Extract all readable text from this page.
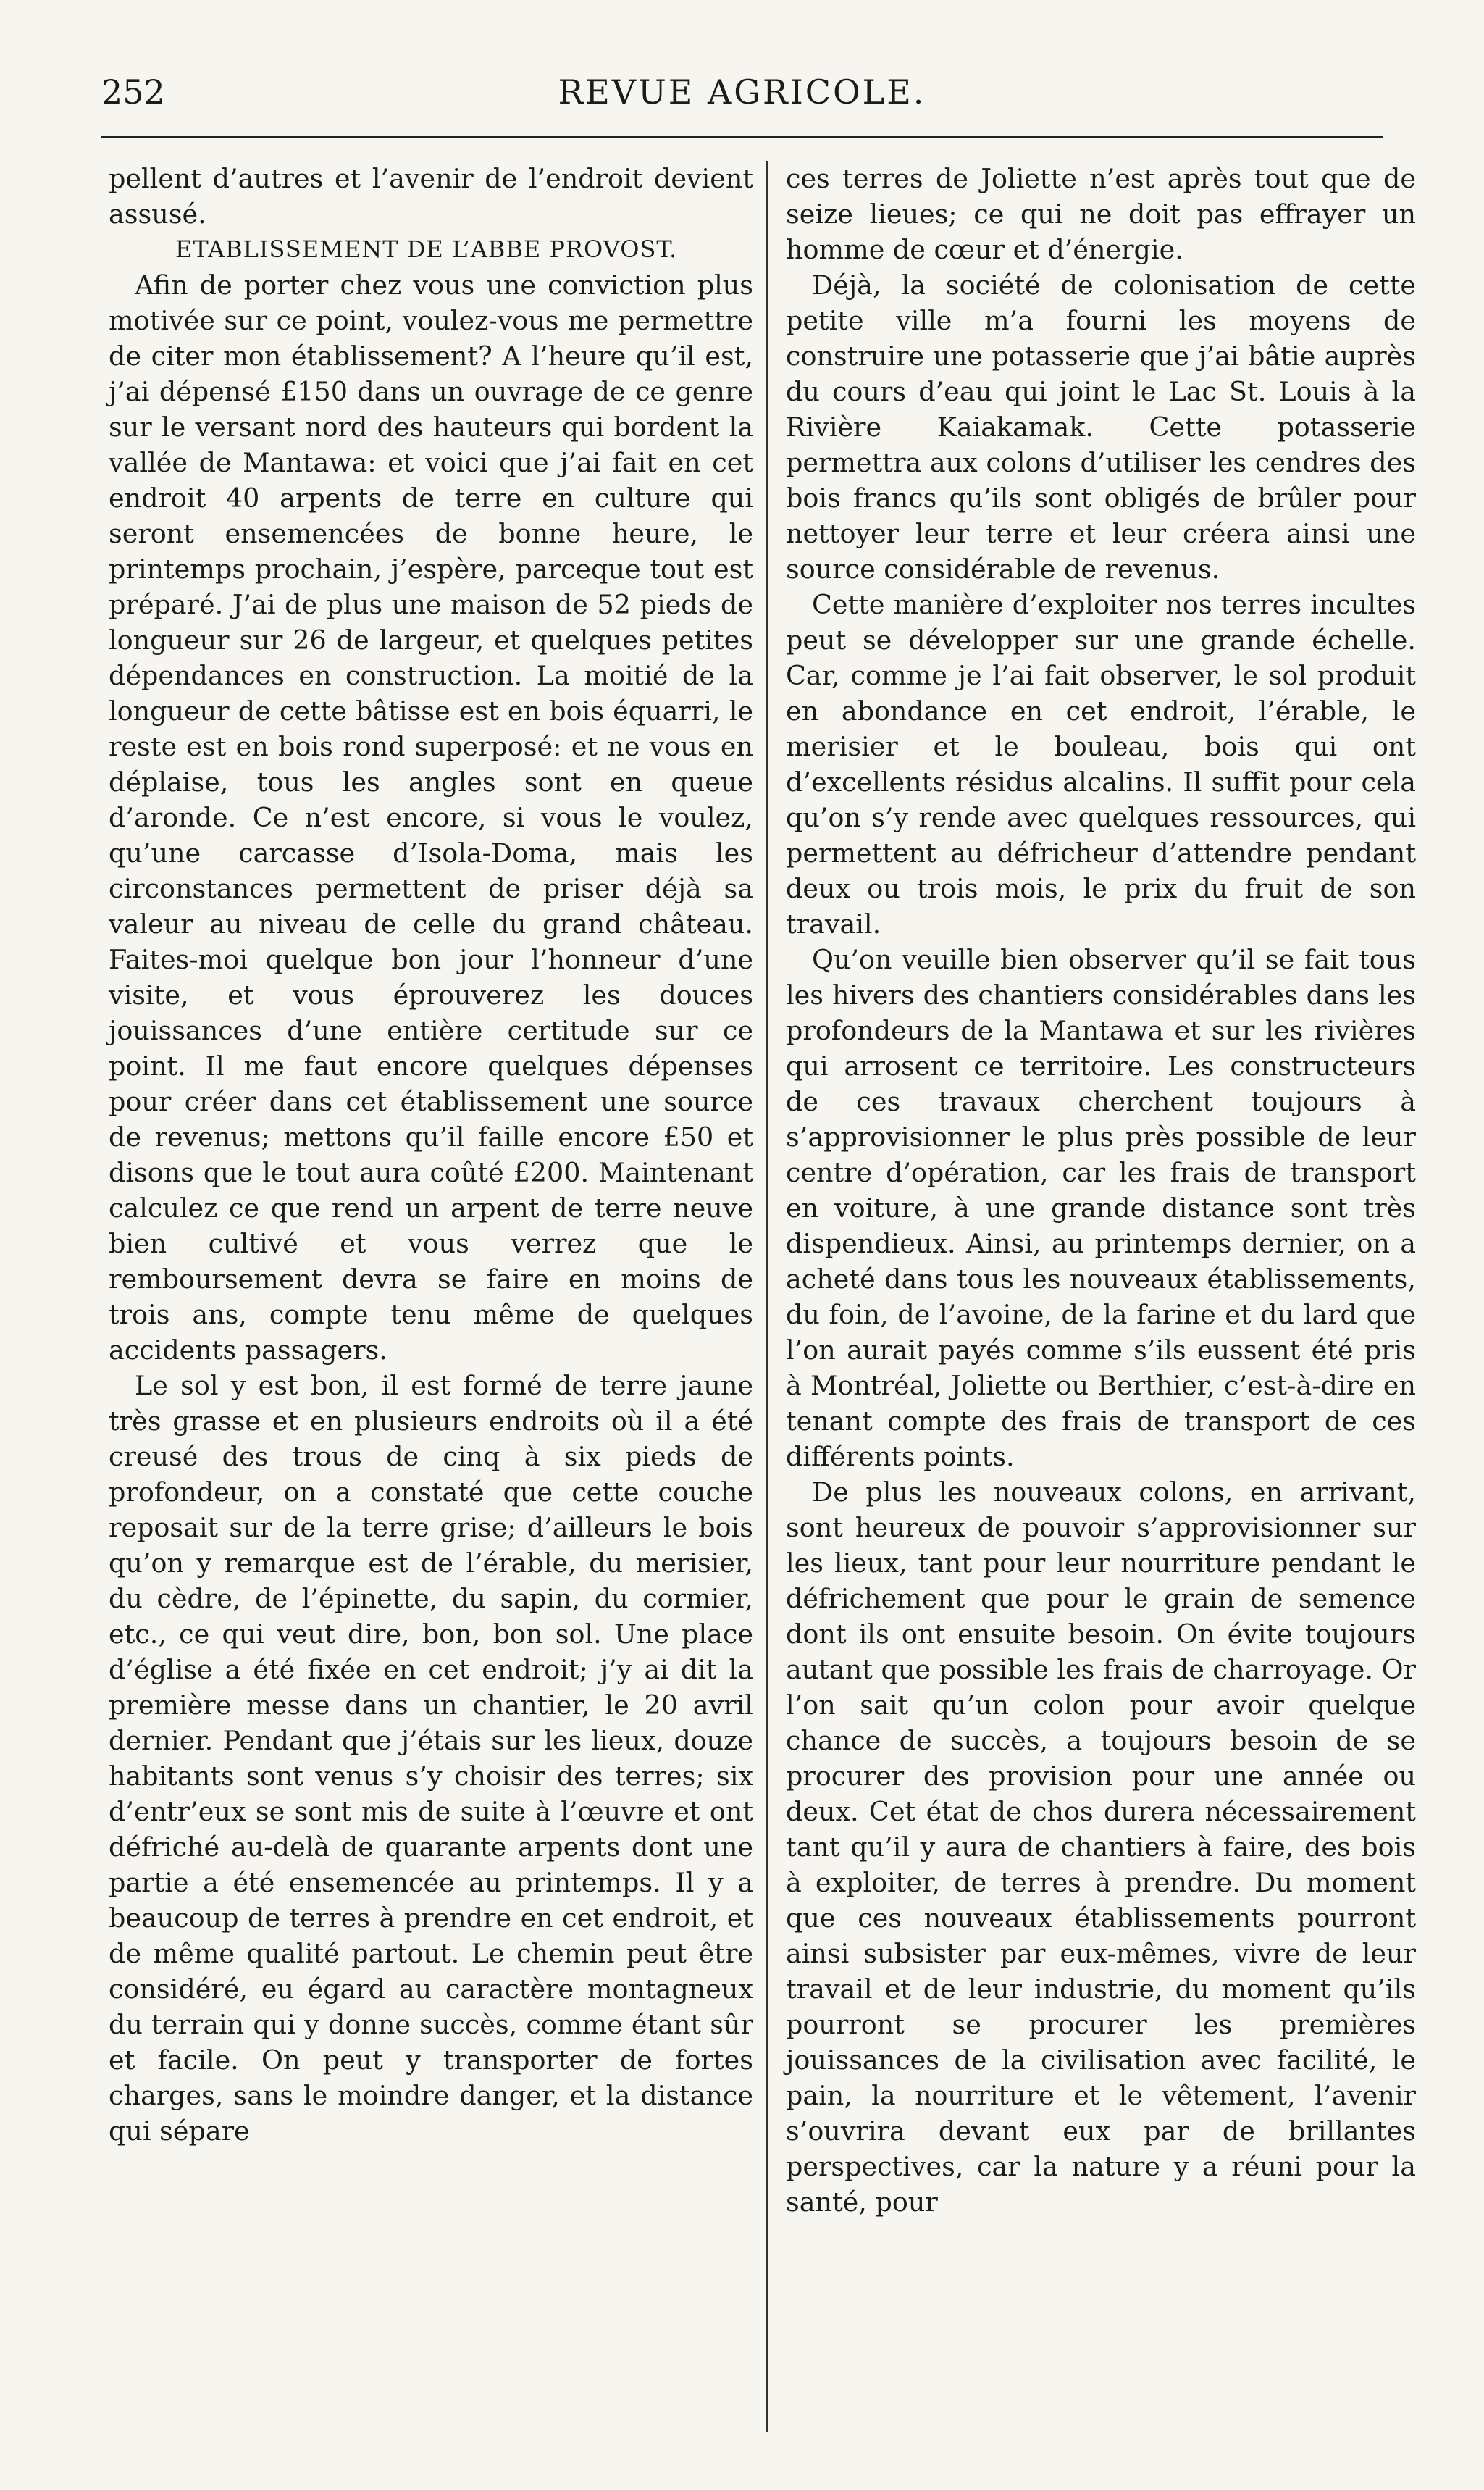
252	REVUE AGRICOLE.

pellent d’autres et l’avenir de l’endroit devient assusé.

ETABLISSEMENT DE L’ABBE PROVOST.

Afin de porter chez vous une conviction plus motivée sur ce point, voulez-vous me permettre de citer mon établissement? A l’heure qu’il est, j’ai dépensé £150 dans un ouvrage de ce genre sur le versant nord des hauteurs qui bordent la vallée de Mantawa: et voici que j’ai fait en cet endroit 40 arpents de terre en culture qui seront ensemencées de bonne heure, le printemps prochain, j’espère, parceque tout est préparé. J’ai de plus une maison de 52 pieds de longueur sur 26 de largeur, et quelques petites dépendances en construction. La moitié de la longueur de cette bâtisse est en bois équarri, le reste est en bois rond superposé: et ne vous en déplaise, tous les angles sont en queue d’aronde. Ce n’est encore, si vous le voulez, qu’une carcasse d’Isola-Doma, mais les circonstances permettent de priser déjà sa valeur au niveau de celle du grand château. Faites-moi quelque bon jour l’honneur d’une visite, et vous éprouverez les douces jouissances d’une entière certitude sur ce point. Il me faut encore quelques dépenses pour créer dans cet établissement une source de revenus; mettons qu’il faille encore £50 et disons que le tout aura coûté £200. Maintenant calculez ce que rend un arpent de terre neuve bien cultivé et vous verrez que le remboursement devra se faire en moins de trois ans, compte tenu même de quelques accidents passagers.

Le sol y est bon, il est formé de terre jaune très grasse et en plusieurs endroits où il a été creusé des trous de cinq à six pieds de profondeur, on a constaté que cette couche reposait sur de la terre grise; d’ailleurs le bois qu’on y remarque est de l’érable, du merisier, du cèdre, de l’épinette, du sapin, du cormier, etc., ce qui veut dire, bon, bon sol. Une place d’église a été fixée en cet endroit; j’y ai dit la première messe dans un chantier, le 20 avril dernier. Pendant que j’étais sur les lieux, douze habitants sont venus s’y choisir des terres; six d’entr’eux se sont mis de suite à l’œuvre et ont défriché au-delà de quarante arpents dont une partie a été ensemencée au printemps. Il y a beaucoup de terres à prendre en cet endroit, et de même qualité partout. Le chemin peut être considéré, eu égard au caractère montagneux du terrain qui y donne succès, comme étant sûr et facile. On peut y transporter de fortes charges, sans le moindre danger, et la distance qui sépare

ces terres de Joliette n’est après tout que de seize lieues; ce qui ne doit pas effrayer un homme de cœur et d’énergie.

Déjà, la société de colonisation de cette petite ville m’a fourni les moyens de construire une potasserie que j’ai bâtie auprès du cours d’eau qui joint le Lac St. Louis à la Rivière Kaiakamak. Cette potasserie permettra aux colons d’utiliser les cendres des bois francs qu’ils sont obligés de brûler pour nettoyer leur terre et leur créera ainsi une source considérable de revenus.

Cette manière d’exploiter nos terres incultes peut se développer sur une grande échelle. Car, comme je l’ai fait observer, le sol produit en abondance en cet endroit, l’érable, le merisier et le bouleau, bois qui ont d’excellents résidus alcalins. Il suffit pour cela qu’on s’y rende avec quelques ressources, qui permettent au défricheur d’attendre pendant deux ou trois mois, le prix du fruit de son travail.

Qu’on veuille bien observer qu’il se fait tous les hivers des chantiers considérables dans les profondeurs de la Mantawa et sur les rivières qui arrosent ce territoire. Les constructeurs de ces travaux cherchent toujours à s’approvisionner le plus près possible de leur centre d’opération, car les frais de transport en voiture, à une grande distance sont très dispendieux. Ainsi, au printemps dernier, on a acheté dans tous les nouveaux établissements, du foin, de l’avoine, de la farine et du lard que l’on aurait payés comme s’ils eussent été pris à Montréal, Joliette ou Berthier, c’est-à-dire en tenant compte des frais de transport de ces différents points.

De plus les nouveaux colons, en arrivant, sont heureux de pouvoir s’approvisionner sur les lieux, tant pour leur nourriture pendant le défrichement que pour le grain de semence dont ils ont ensuite besoin. On évite toujours autant que possible les frais de charroyage. Or l’on sait qu’un colon pour avoir quelque chance de succès, a toujours besoin de se procurer des provision pour une année ou deux. Cet état de chos durera nécessairement tant qu’il y aura de chantiers à faire, des bois à exploiter, de terres à prendre. Du moment que ces nouveaux établissements pourront ainsi subsister par eux-mêmes, vivre de leur travail et de leur industrie, du moment qu’ils pourront se procurer les premières jouissances de la civilisation avec facilité, le pain, la nourriture et le vêtement, l’avenir s’ouvrira devant eux par de brillantes perspectives, car la nature y a réuni pour la santé, pour
